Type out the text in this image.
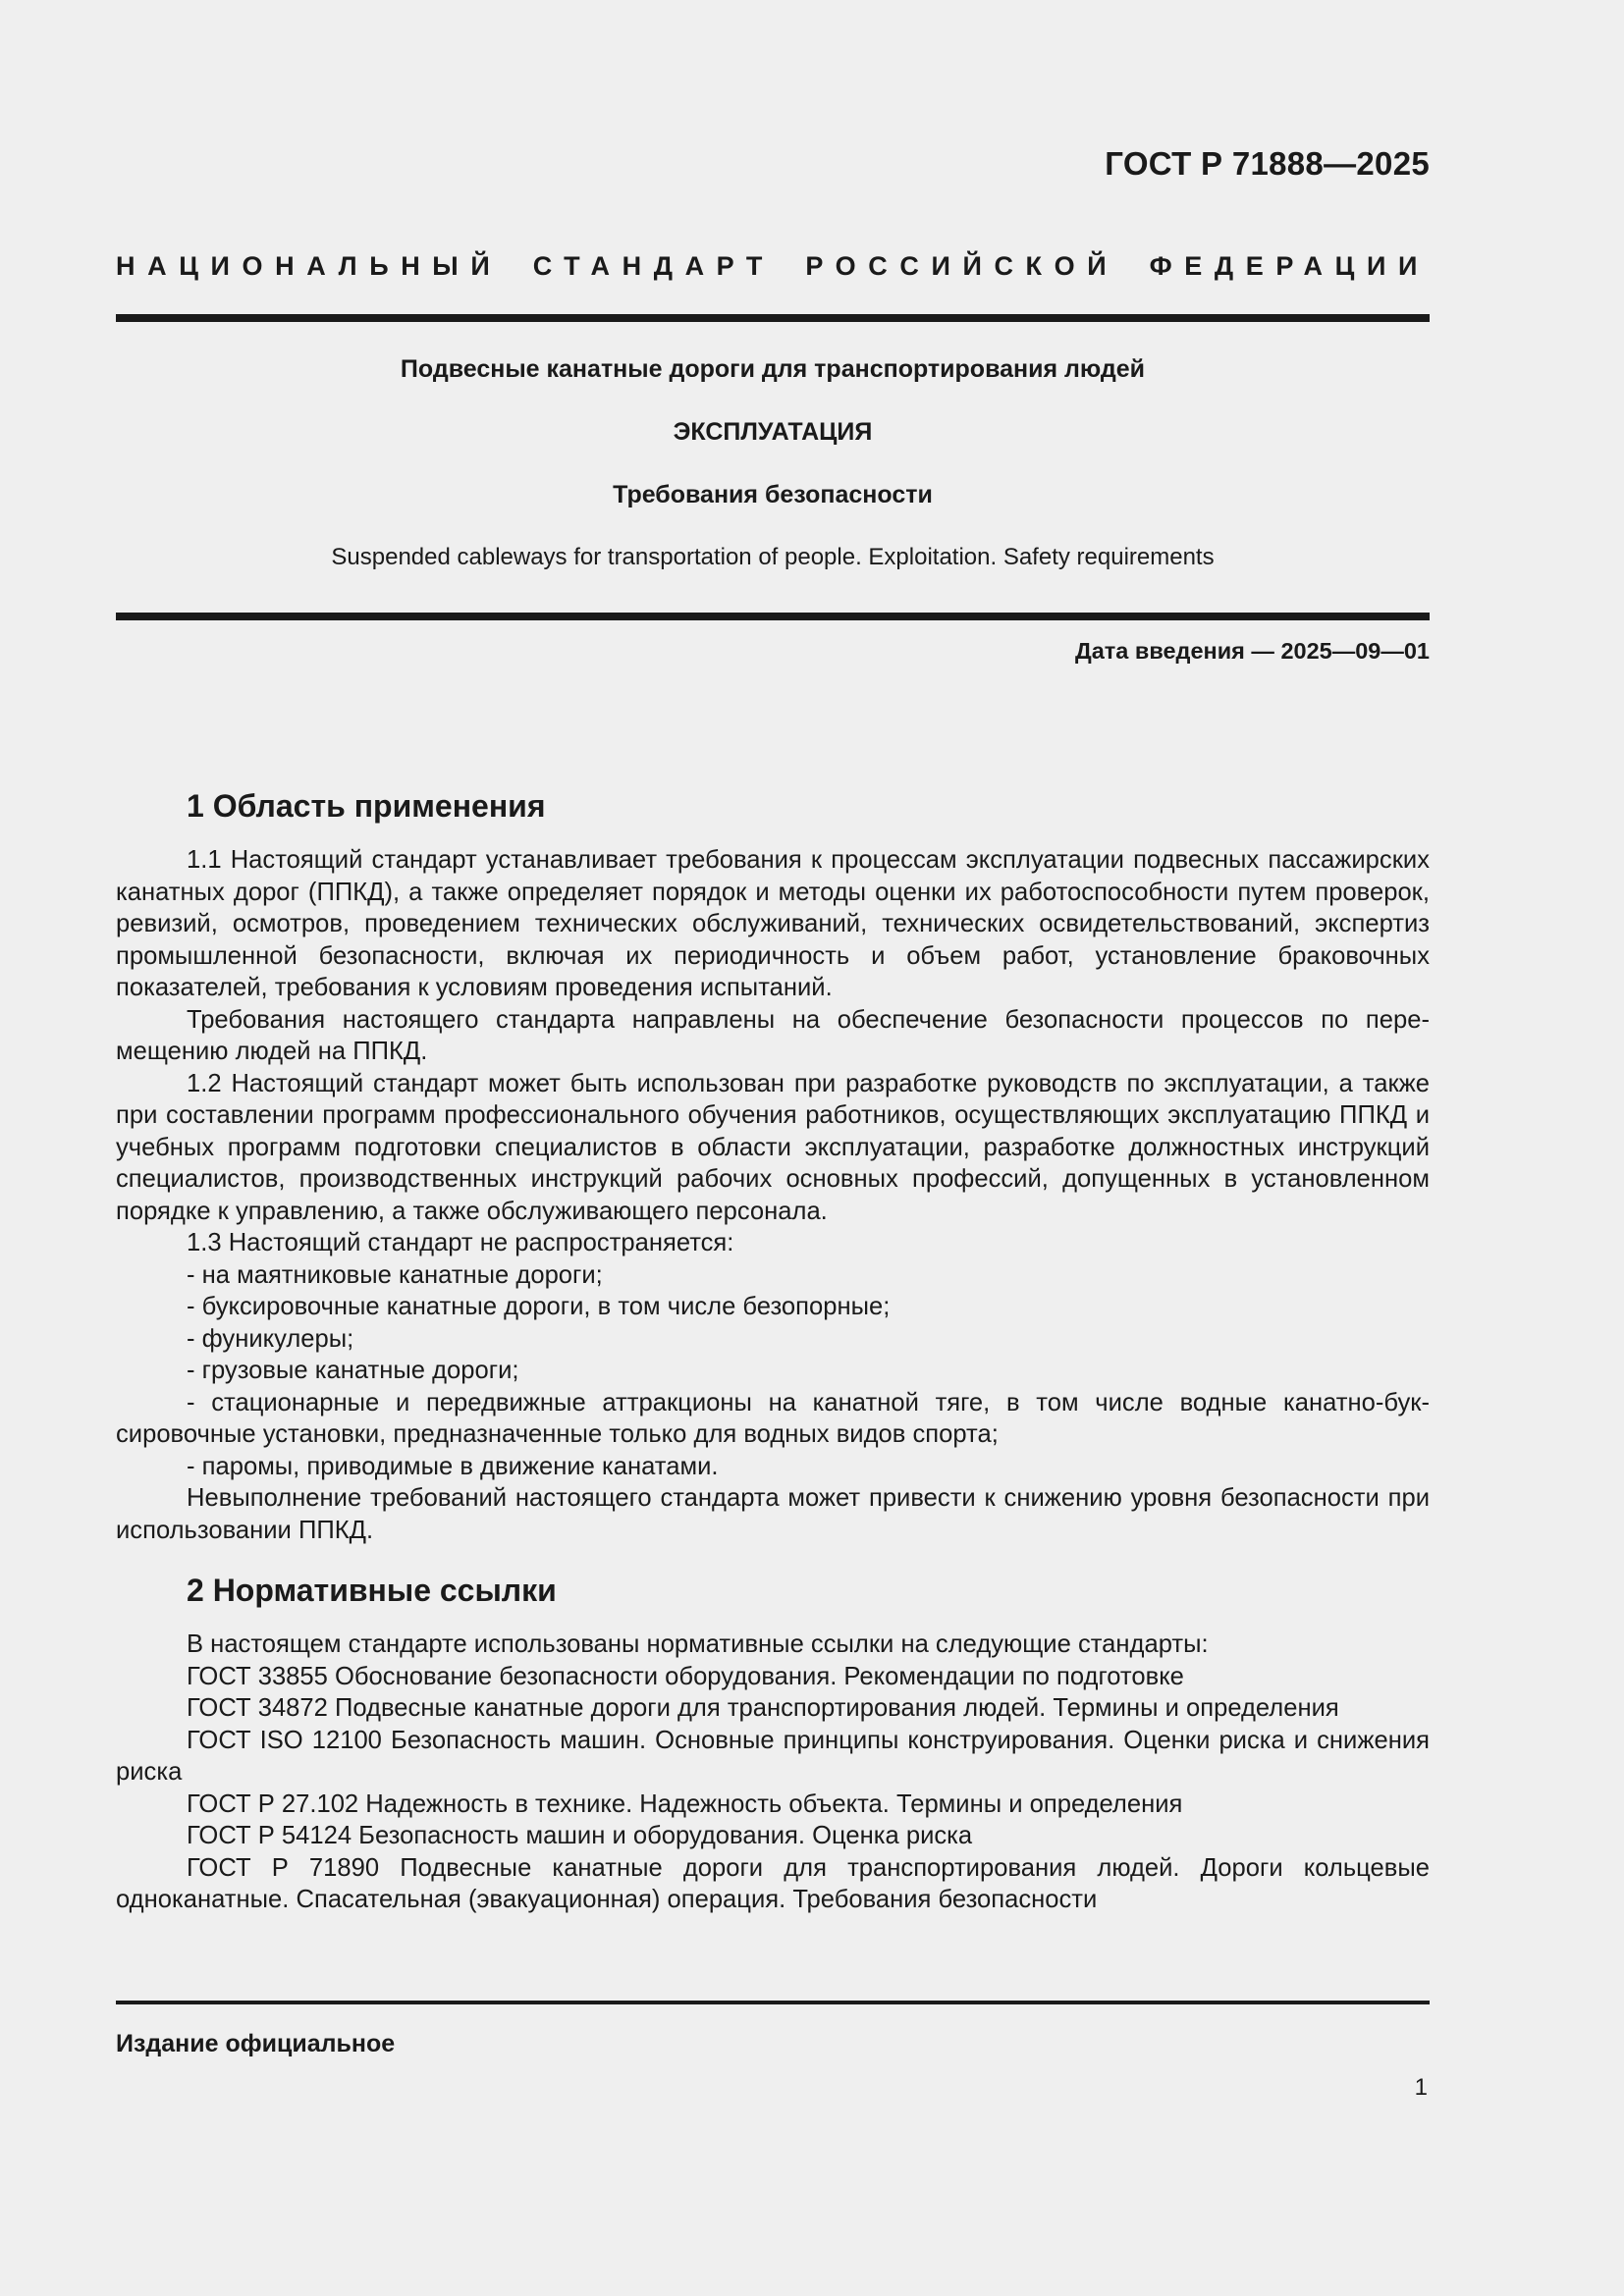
ГОСТ Р 71888—2025
НАЦИОНАЛЬНЫЙ СТАНДАРТ РОССИЙСКОЙ ФЕДЕРАЦИИ
Подвесные канатные дороги для транспортирования людей
ЭКСПЛУАТАЦИЯ
Требования безопасности
Suspended cableways for transportation of people. Exploitation. Safety requirements
Дата введения — 2025—09—01
1 Область применения

1.1 Настоящий стандарт устанавливает требования к процессам эксплуатации подвесных пассажирских канатных дорог (ППКД), а также определяет порядок и методы оценки их работоспособности путем проверок, ревизий, осмотров, проведением технических обслуживаний, технических освидетельствований, экспертиз промышленной безопасности, включая их периодичность и объем работ, установление браковочных показателей, требования к условиям проведения испытаний.

Требования настоящего стандарта направлены на обеспечение безопасности процессов по перемещению людей на ППКД.

1.2 Настоящий стандарт может быть использован при разработке руководств по эксплуатации, а также при составлении программ профессионального обучения работников, осуществляющих эксплуатацию ППКД и учебных программ подготовки специалистов в области эксплуатации, разработке должностных инструкций специалистов, производственных инструкций рабочих основных профессий, допущенных в установленном порядке к управлению, а также обслуживающего персонала.

1.3 Настоящий стандарт не распространяется:

- на маятниковые канатные дороги;

- буксировочные канатные дороги, в том числе безопорные;

- фуникулеры;

- грузовые канатные дороги;

- стационарные и передвижные аттракционы на канатной тяге, в том числе водные канатно-буксировочные установки, предназначенные только для водных видов спорта;

- паромы, приводимые в движение канатами.

Невыполнение требований настоящего стандарта может привести к снижению уровня безопасности при использовании ППКД.

2 Нормативные ссылки

В настоящем стандарте использованы нормативные ссылки на следующие стандарты:

ГОСТ 33855 Обоснование безопасности оборудования. Рекомендации по подготовке

ГОСТ 34872 Подвесные канатные дороги для транспортирования людей. Термины и определения

ГОСТ ISO 12100 Безопасность машин. Основные принципы конструирования. Оценки риска и снижения риска

ГОСТ Р 27.102 Надежность в технике. Надежность объекта. Термины и определения

ГОСТ Р 54124 Безопасность машин и оборудования. Оценка риска

ГОСТ Р 71890 Подвесные канатные дороги для транспортирования людей. Дороги кольцевые одноканатные. Спасательная (эвакуационная) операция. Требования безопасности

Издание официальное
1
